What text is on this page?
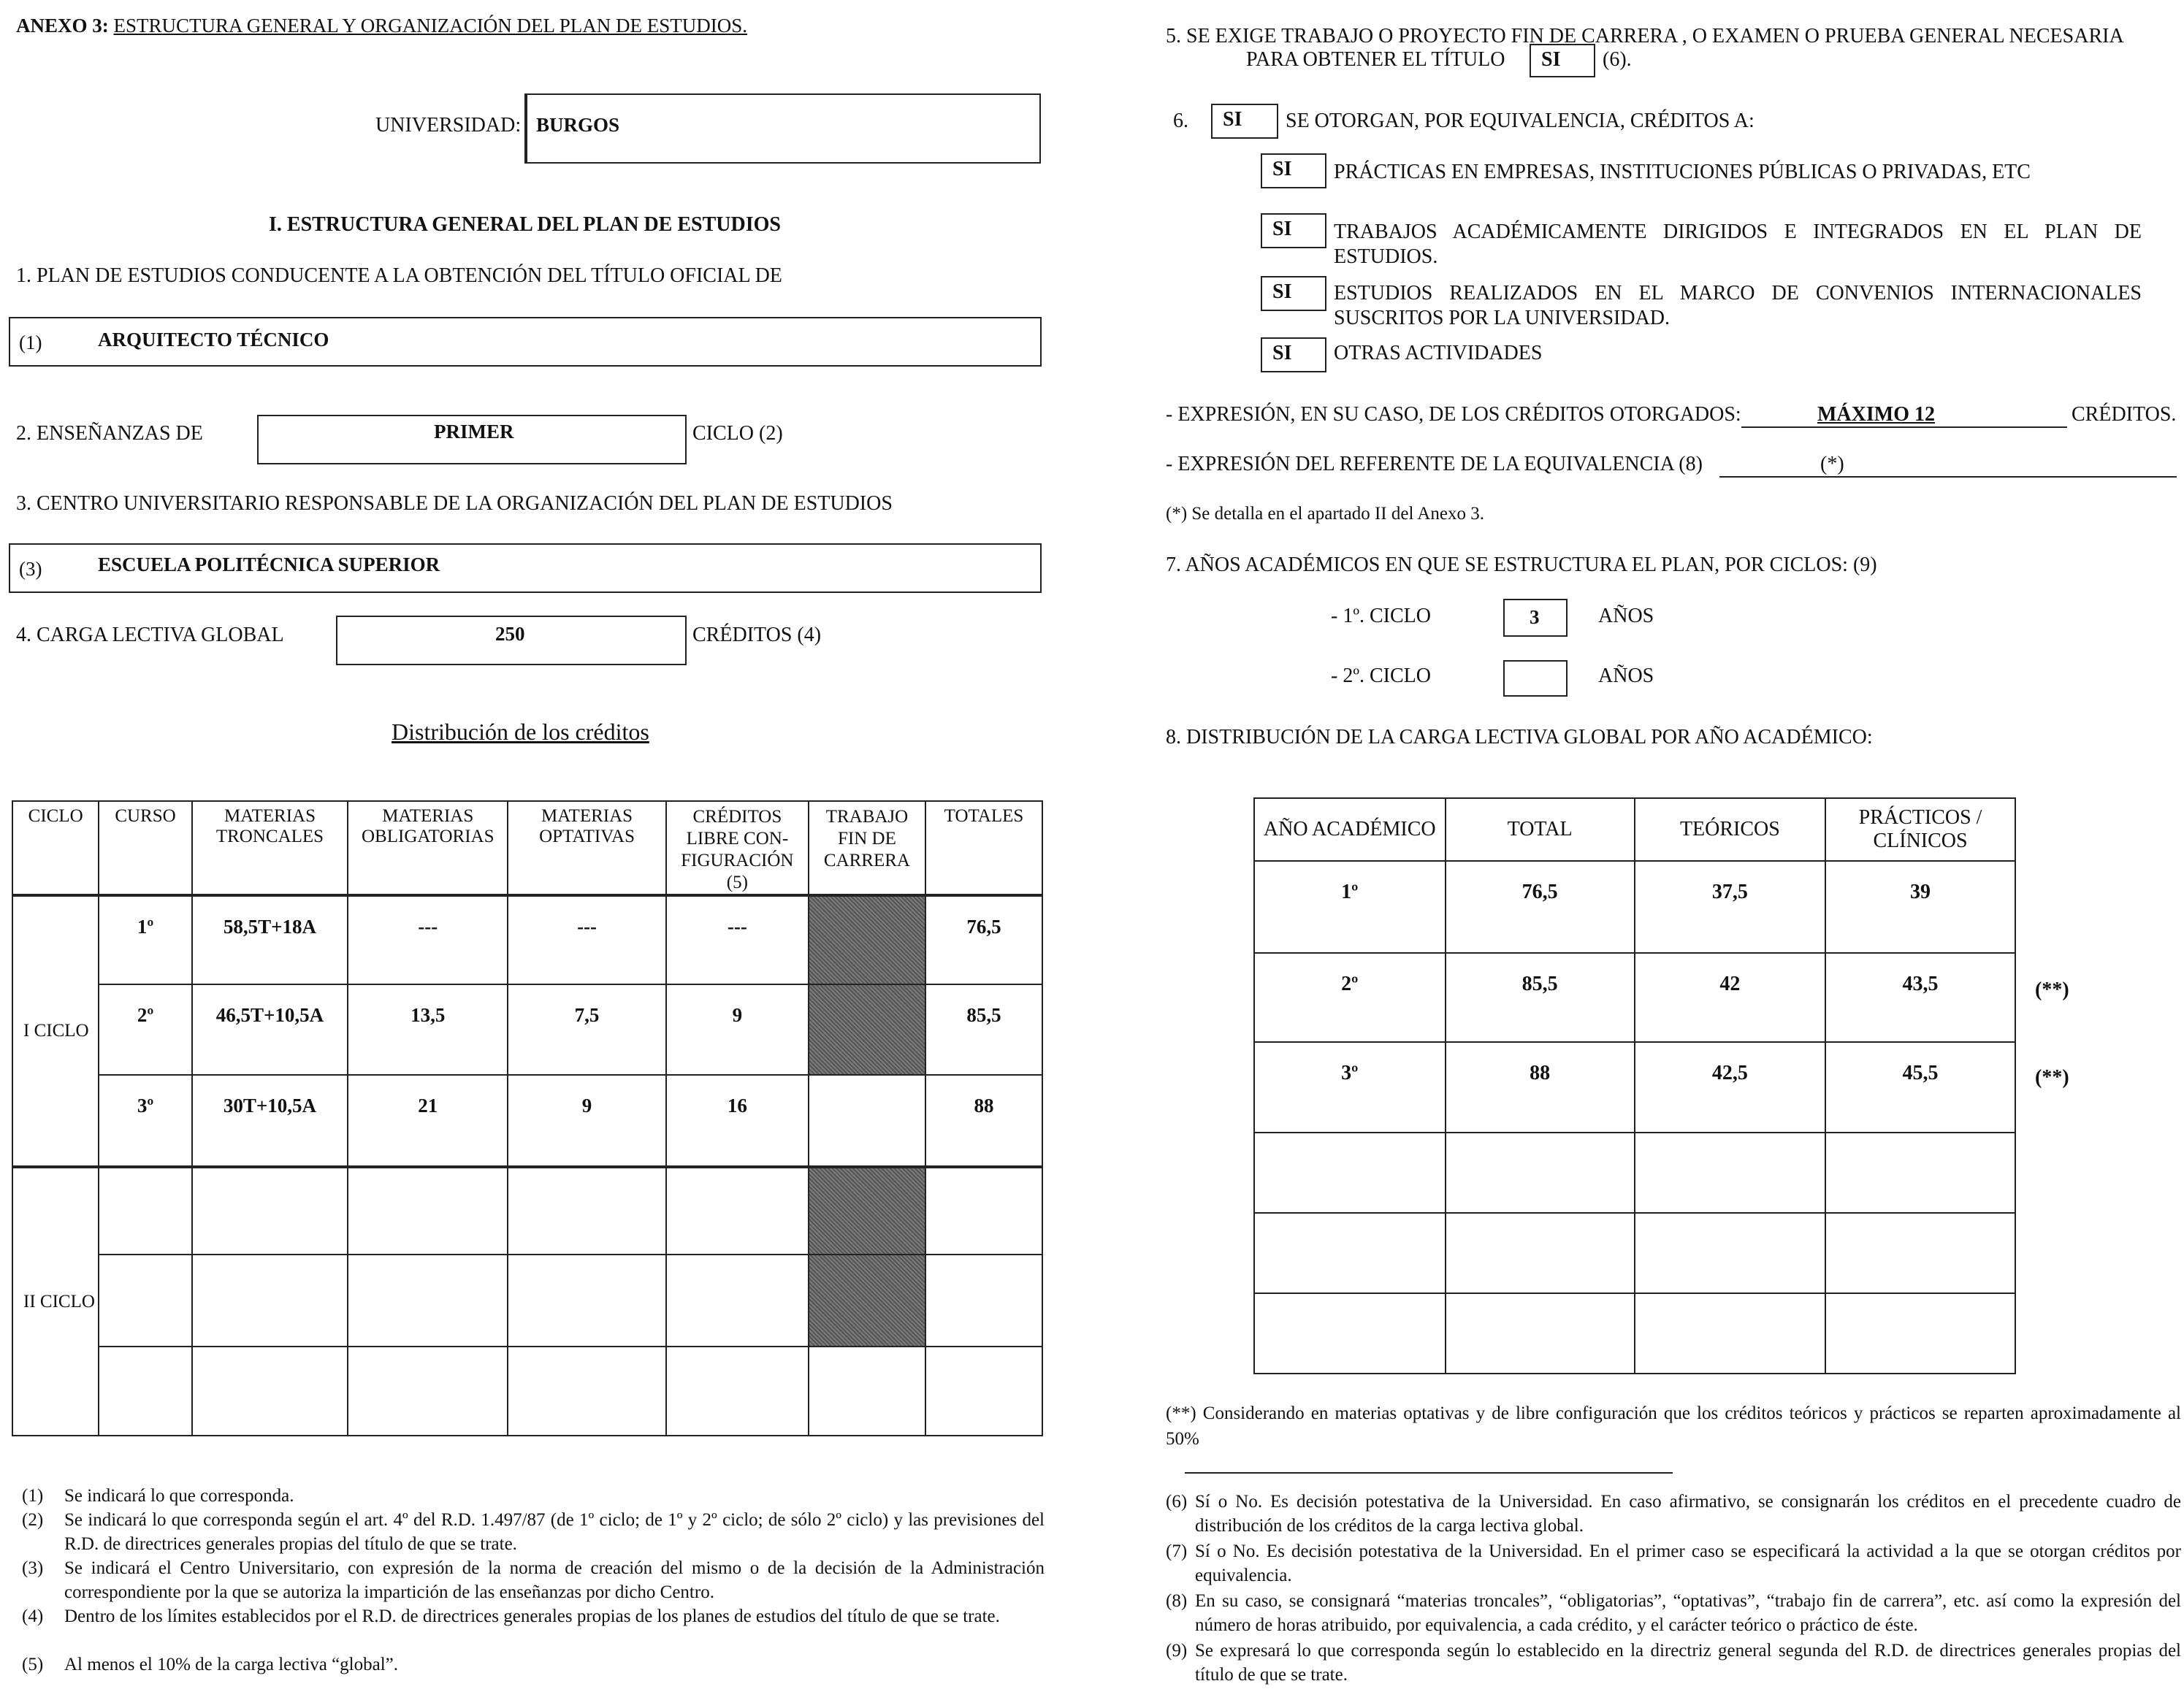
ANEXO 3: ESTRUCTURA GENERAL Y ORGANIZACIÓN DEL PLAN DE ESTUDIOS.
UNIVERSIDAD: BURGOS
I. ESTRUCTURA GENERAL DEL PLAN DE ESTUDIOS
1. PLAN DE ESTUDIOS CONDUCENTE A LA OBTENCIÓN DEL TÍTULO OFICIAL DE
(1)	ARQUITECTO TÉCNICO
2. ENSEÑANZAS DE	PRIMER	CICLO (2)
3. CENTRO UNIVERSITARIO RESPONSABLE DE LA ORGANIZACIÓN DEL PLAN DE ESTUDIOS
(3)	ESCUELA POLITÉCNICA SUPERIOR
4. CARGA LECTIVA GLOBAL	250	CRÉDITOS (4)
Distribución de los créditos
CICLO	CURSO	MATERIAS TRONCALES	MATERIAS OBLIGATORIAS	MATERIAS OPTATIVAS	CRÉDITOS LIBRE CON-FIGURACIÓN (5)	TRABAJO FIN DE CARRERA	TOTALES
I CICLO	1º	58,5T+18A	---	---	---		76,5
	2º	46,5T+10,5A	13,5	7,5	9		85,5
	3º	30T+10,5A	21	9	16		88
II CICLO							

(1) Se indicará lo que corresponda.
(2) Se indicará lo que corresponda según el art. 4º del R.D. 1.497/87 (de 1º ciclo; de 1º y 2º ciclo; de sólo 2º ciclo) y las previsiones del R.D. de directrices generales propias del título de que se trate.
(3) Se indicará el Centro Universitario, con expresión de la norma de creación del mismo o de la decisión de la Administración correspondiente por la que se autoriza la impartición de las enseñanzas por dicho Centro.
(4) Dentro de los límites establecidos por el R.D. de directrices generales propias de los planes de estudios del título de que se trate.
(5) Al menos el 10% de la carga lectiva “global”.
5. SE EXIGE TRABAJO O PROYECTO FIN DE CARRERA , O EXAMEN O PRUEBA GENERAL NECESARIA
PARA OBTENER EL TÍTULO	SI	(6).
6.	SI	SE OTORGAN, POR EQUIVALENCIA, CRÉDITOS A:
SI	PRÁCTICAS EN EMPRESAS, INSTITUCIONES PÚBLICAS O PRIVADAS, ETC
SI	TRABAJOS ACADÉMICAMENTE DIRIGIDOS E INTEGRADOS EN EL PLAN DE
ESTUDIOS.
SI	ESTUDIOS REALIZADOS EN EL MARCO DE CONVENIOS INTERNACIONALES
SUSCRITOS POR LA UNIVERSIDAD.
SI	OTRAS ACTIVIDADES
- EXPRESIÓN, EN SU CASO, DE LOS CRÉDITOS OTORGADOS:	MÁXIMO 12	CRÉDITOS.
- EXPRESIÓN DEL REFERENTE DE LA EQUIVALENCIA (8)	(*)
(*) Se detalla en el apartado II del Anexo 3.
7. AÑOS ACADÉMICOS EN QUE SE ESTRUCTURA EL PLAN, POR CICLOS: (9)
- 1º. CICLO	3	AÑOS
- 2º. CICLO	AÑOS
8. DISTRIBUCIÓN DE LA CARGA LECTIVA GLOBAL POR AÑO ACADÉMICO:
AÑO ACADÉMICO	TOTAL	TEÓRICOS	PRÁCTICOS / CLÍNICOS
1º	76,5	37,5	39
2º	85,5	42	43,5
3º	88	42,5	45,5

(**)
(**)
(**) Considerando en materias optativas y de libre configuración que los créditos teóricos y prácticos se reparten aproximadamente al 50%
(6) Sí o No. Es decisión potestativa de la Universidad. En caso afirmativo, se consignarán los créditos en el precedente cuadro de distribución de los créditos de la carga lectiva global.
(7) Sí o No. Es decisión potestativa de la Universidad. En el primer caso se especificará la actividad a la que se otorgan créditos por equivalencia.
(8) En su caso, se consignará “materias troncales”, “obligatorias”, “optativas”, “trabajo fin de carrera”, etc. así como la expresión del número de horas atribuido, por equivalencia, a cada crédito, y el carácter teórico o práctico de éste.
(9) Se expresará lo que corresponda según lo establecido en la directriz general segunda del R.D. de directrices generales propias del título de que se trate.
